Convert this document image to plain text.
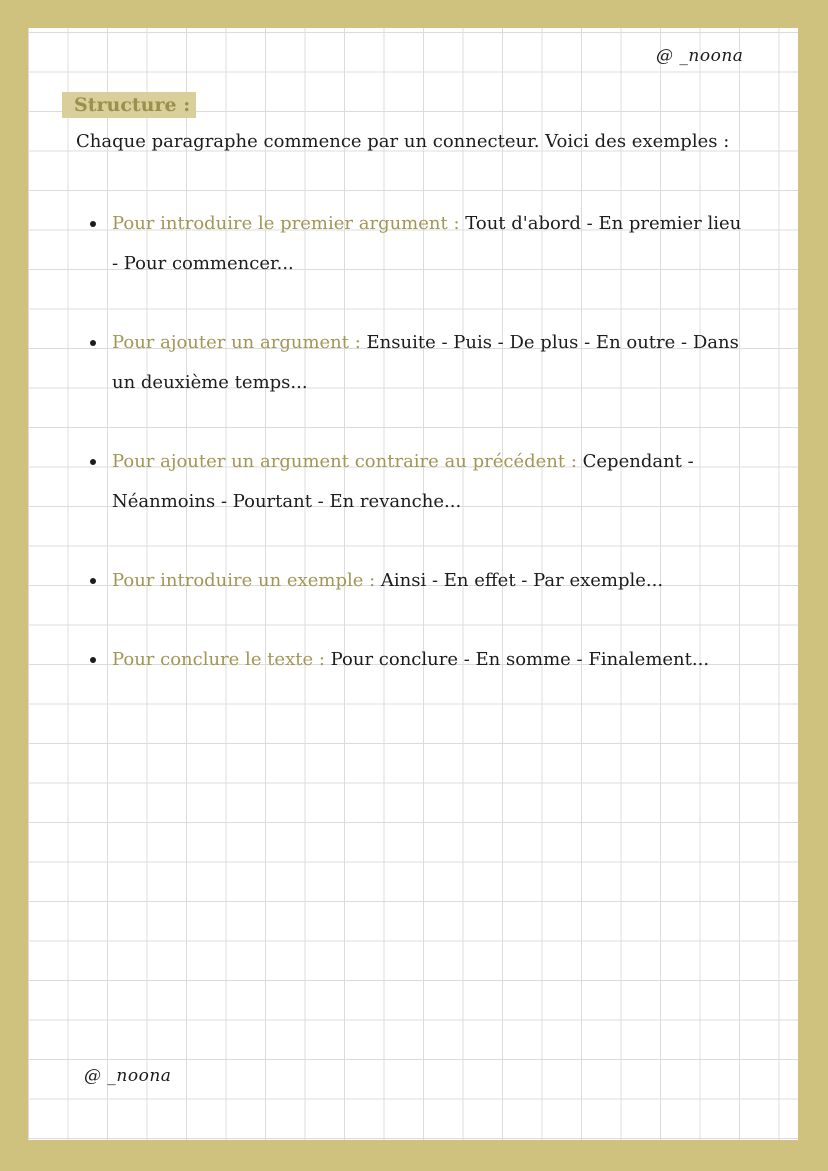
@ _noona
Structure :
Chaque paragraphe commence par un connecteur. Voici des exemples :
Pour introduire le premier argument : Tout d'abord - En premier lieu - Pour commencer...
Pour ajouter un argument : Ensuite - Puis - De plus - En outre - Dans un deuxième temps...
Pour ajouter un argument contraire au précédent : Cependant - Néanmoins - Pourtant - En revanche...
Pour introduire un exemple : Ainsi - En effet - Par exemple...
Pour conclure le texte : Pour conclure - En somme - Finalement...
@ _noona
